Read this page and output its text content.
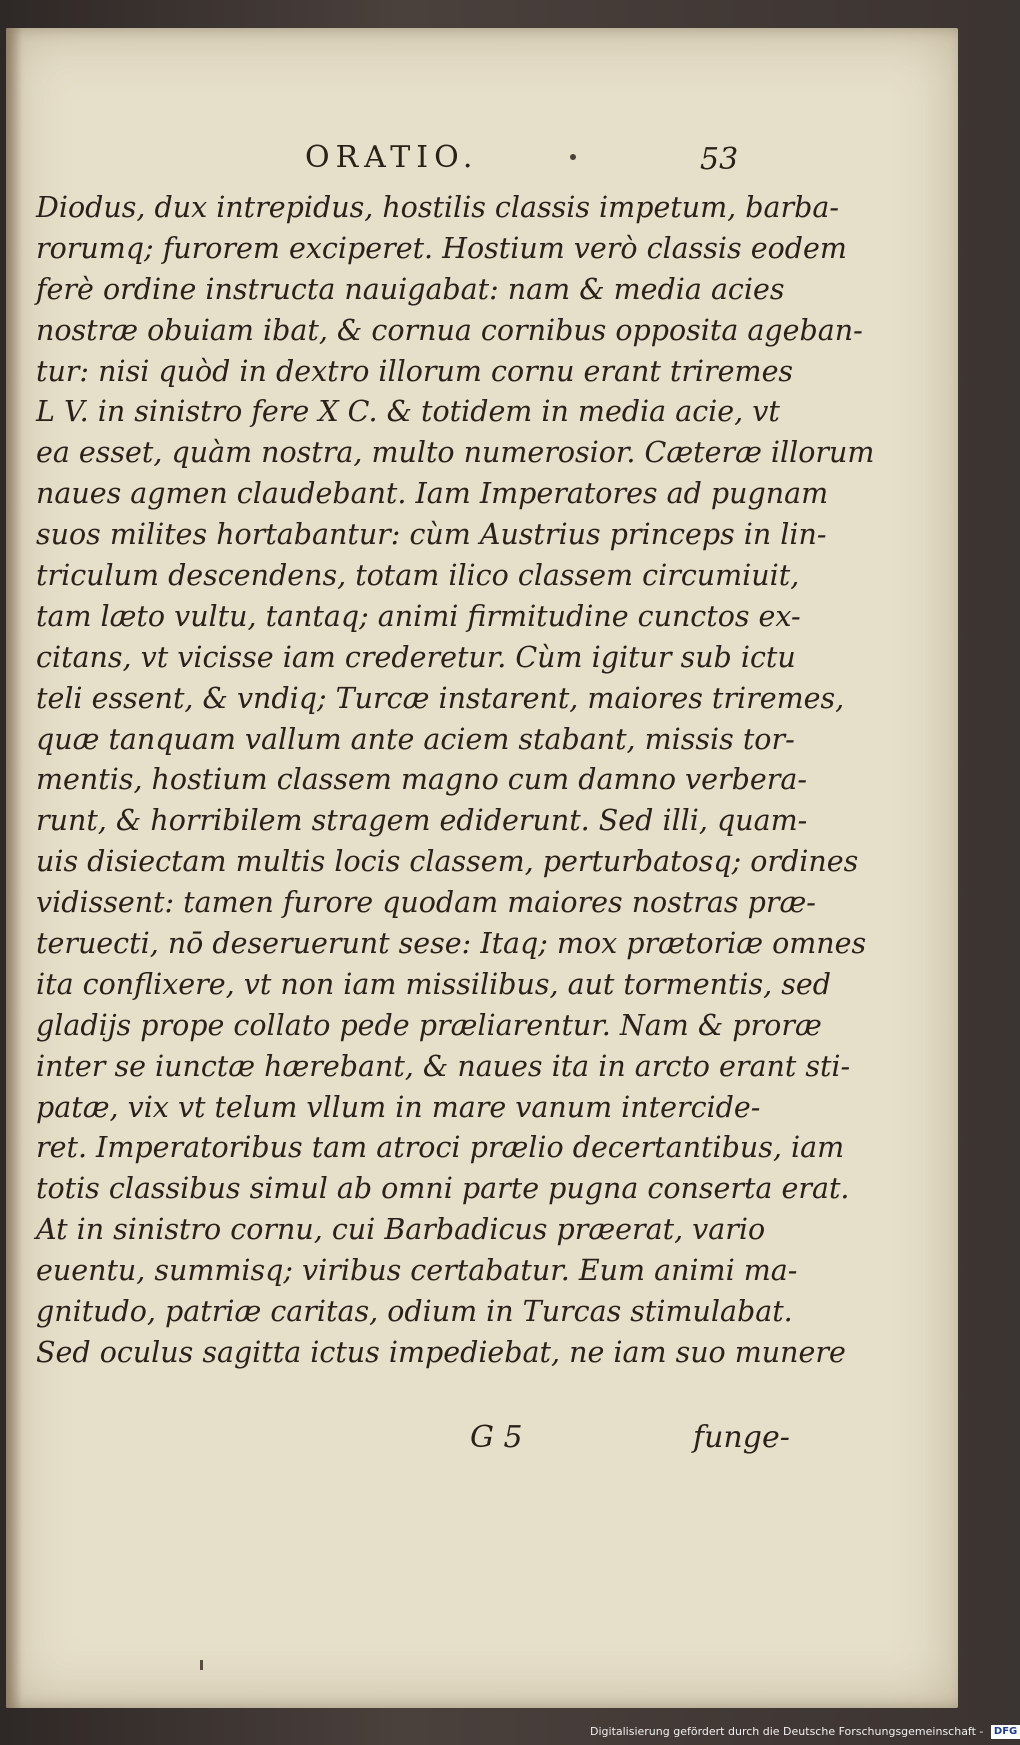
ORATIO.	53
Diodus, dux intrepidus, hostilis classis impetum, barba-
rorumq; furorem exciperet. Hostium verò classis eodem
ferè ordine instructa nauigabat: nam & media acies
nostræ obuiam ibat, & cornua cornibus opposita ageban-
tur: nisi quòd in dextro illorum cornu erant triremes
L V. in sinistro fere X C. & totidem in media acie, vt
ea esset, quàm nostra, multo numerosior. Cæteræ illorum
naues agmen claudebant. Iam Imperatores ad pugnam
suos milites hortabantur: cùm Austrius princeps in lin-
triculum descendens, totam ilico classem circumiuit,
tam læto vultu, tantaq; animi firmitudine cunctos ex-
citans, vt vicisse iam crederetur. Cùm igitur sub ictu
teli essent, & vndiq; Turcæ instarent, maiores triremes,
quæ tanquam vallum ante aciem stabant, missis tor-
mentis, hostium classem magno cum damno verbera-
runt, & horribilem stragem ediderunt. Sed illi, quam-
uis disiectam multis locis classem, perturbatosq; ordines
vidissent: tamen furore quodam maiores nostras præ-
teruecti, nō deseruerunt sese: Itaq; mox prætoriæ omnes
ita conflixere, vt non iam missilibus, aut tormentis, sed
gladijs prope collato pede præliarentur. Nam & proræ
inter se iunctæ hærebant, & naues ita in arcto erant sti-
patæ, vix vt telum vllum in mare vanum intercide-
ret. Imperatoribus tam atroci prælio decertantibus, iam
totis classibus simul ab omni parte pugna conserta erat.
At in sinistro cornu, cui Barbadicus præerat, vario
euentu, summisq; viribus certabatur. Eum animi ma-
gnitudo, patriæ caritas, odium in Turcas stimulabat.
Sed oculus sagitta ictus impediebat, ne iam suo munere
G 5	funge-
Digitalisierung gefördert durch die Deutsche Forschungsgemeinschaft - DFG
